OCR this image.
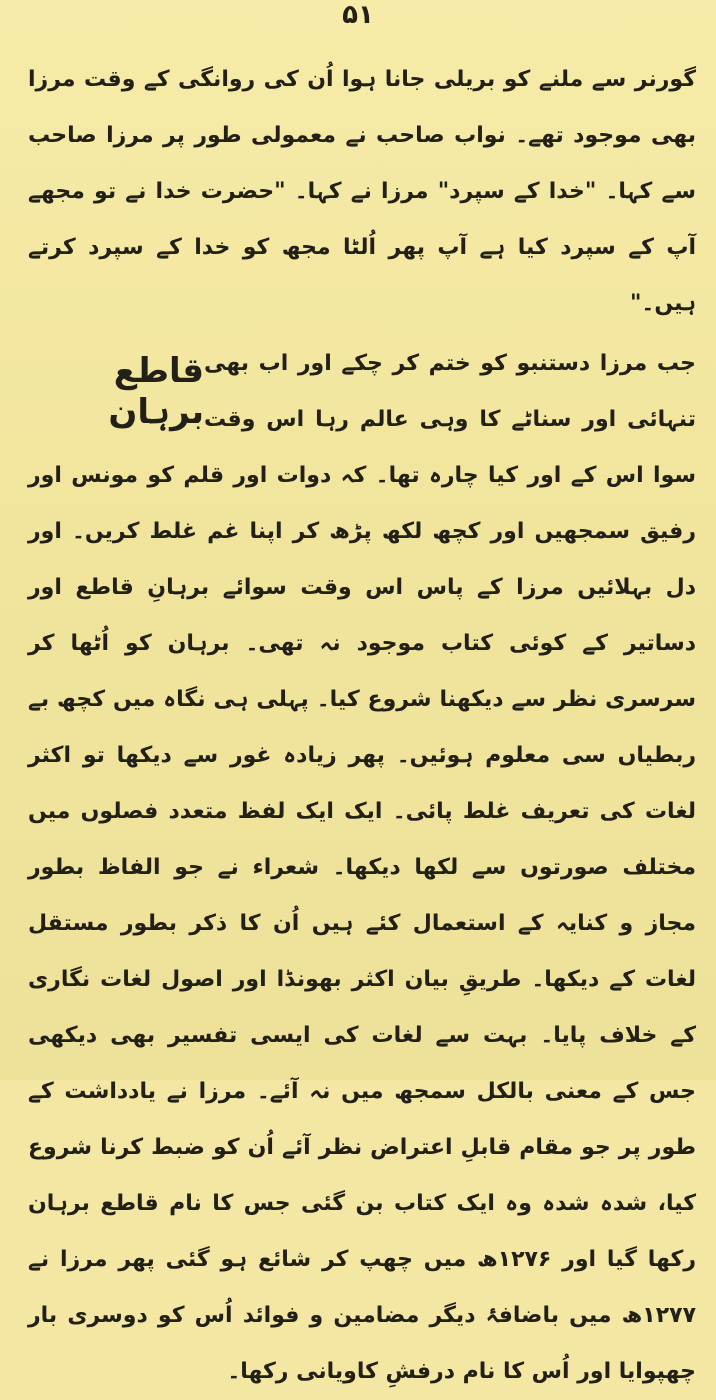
۵۱

گورنر سے ملنے کو بریلی جانا ہوا اُن کی روانگی کے وقت مرزا بھی موجود تھے۔ نواب صاحب نے معمولی طور پر مرزا صاحب سے کہا۔ "خدا کے سپرد" مرزا نے کہا۔ "حضرت خدا نے تو مجھے آپ کے سپرد کیا ہے آپ پھر اُلٹا مجھ کو خدا کے سپرد کرتے ہیں۔"

قاطع برہان

جب مرزا دستنبو کو ختم کر چکے اور اب بھی تنہائی اور سناٹے کا وہی عالم رہا اس وقت سوا اس کے اور کیا چارہ تھا۔ کہ دوات اور قلم کو مونس اور رفیق سمجھیں اور کچھ لکھ پڑھ کر اپنا غم غلط کریں۔ اور دل بہلائیں مرزا کے پاس اس وقت سوائے برہانِ قاطع اور دساتیر کے کوئی کتاب موجود نہ تھی۔ برہان کو اُٹھا کر سرسری نظر سے دیکھنا شروع کیا۔ پہلی ہی نگاہ میں کچھ بے ربطیاں سی معلوم ہوئیں۔ پھر زیادہ غور سے دیکھا تو اکثر لغات کی تعریف غلط پائی۔ ایک ایک لفظ متعدد فصلوں میں مختلف صورتوں سے لکھا دیکھا۔ شعراء نے جو الفاظ بطور مجاز و کنایہ کے استعمال کئے ہیں اُن کا ذکر بطور مستقل لغات کے دیکھا۔ طریقِ بیان اکثر بھونڈا اور اصول لغات نگاری کے خلاف پایا۔ بہت سے لغات کی ایسی تفسیر بھی دیکھی جس کے معنی بالکل سمجھ میں نہ آئے۔ مرزا نے یادداشت کے طور پر جو مقام قابلِ اعتراض نظر آئے اُن کو ضبط کرنا شروع کیا، شدہ شدہ وہ ایک کتاب بن گئی جس کا نام قاطع برہان رکھا گیا اور ۱۲۷۶ھ میں چھپ کر شائع ہو گئی پھر مرزا نے ۱۲۷۷ھ میں باضافۂ دیگر مضامین و فوائد اُس کو دوسری بار چھپوایا اور اُس کا نام درفشِ کاویانی رکھا۔
